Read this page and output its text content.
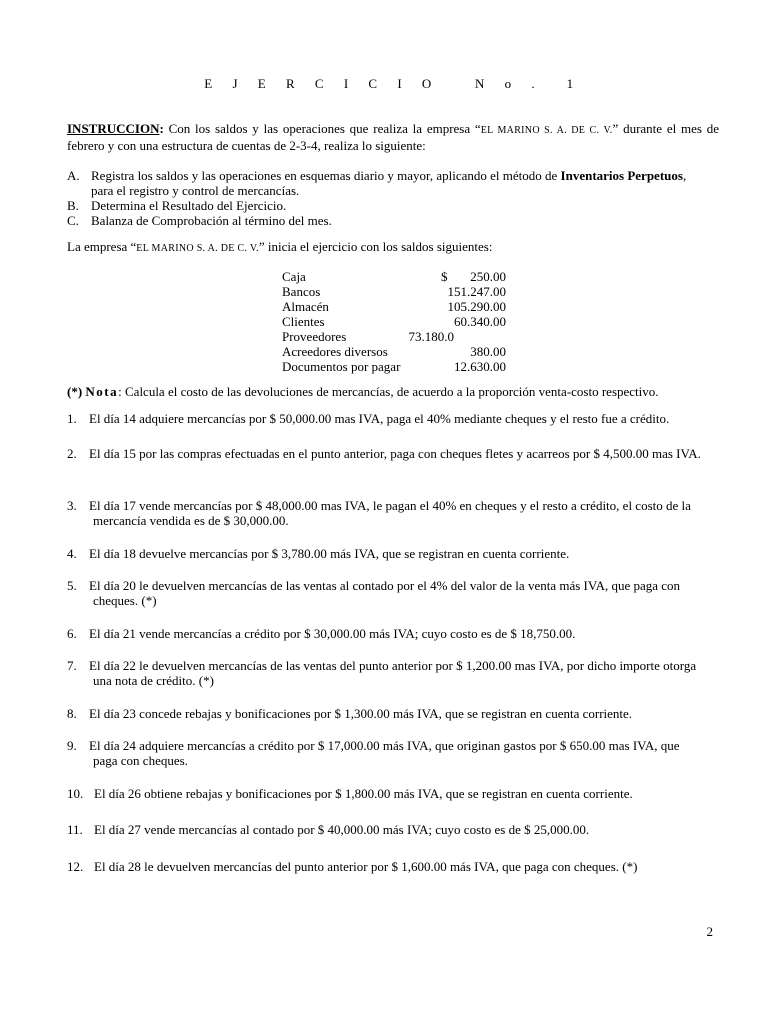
E J E R C I C I O   N o .  1
INSTRUCCION: Con los saldos y las operaciones que realiza la empresa “EL MARINO S. A. DE C. V.” durante el mes de febrero y con una estructura de cuentas de 2-3-4, realiza lo siguiente:
A. Registra los saldos y las operaciones en esquemas diario y mayor, aplicando el método de Inventarios Perpetuos,
para el registro y control de mercancías.
B. Determina el Resultado del Ejercicio.
C. Balanza de Comprobación al término del mes.
La empresa “EL MARINO S. A. DE C. V.” inicia el ejercicio con los saldos siguientes:
Caja	$       250.00
Bancos	151.247.00
Almacén	105.290.00
Clientes	60.340.00
Proveedores	73.180.0
Acreedores diversos	380.00
Documentos por pagar	12.630.00
(*) Nota: Calcula el costo de las devoluciones de mercancías, de acuerdo a la proporción venta-costo respectivo.
1. El día 14 adquiere mercancías por $ 50,000.00 mas IVA, paga el 40% mediante cheques y el resto fue a crédito.
2. El día 15 por las compras efectuadas en el punto anterior, paga con cheques fletes y acarreos por $ 4,500.00 mas IVA.
3. El día 17 vende mercancías por $ 48,000.00 mas IVA, le pagan el 40% en cheques y el resto a crédito, el costo de la
mercancía vendida es de $ 30,000.00.
4. El día 18 devuelve mercancías por $ 3,780.00 más IVA, que se registran en cuenta corriente.
5. El día 20 le devuelven mercancías de las ventas al contado por el 4% del valor de la venta más IVA, que paga con
cheques. (*)
6. El día 21 vende mercancías a crédito por $ 30,000.00 más IVA; cuyo costo es de $ 18,750.00.
7. El día 22 le devuelven mercancías de las ventas del punto anterior por $ 1,200.00 mas IVA, por dicho importe otorga
una nota de crédito. (*)
8. El día 23 concede rebajas y bonificaciones por $ 1,300.00 más IVA, que se registran en cuenta corriente.
9. El día 24 adquiere mercancías a crédito por $ 17,000.00 más IVA, que originan gastos por $ 650.00 mas IVA, que
paga con cheques.
10. El día 26 obtiene rebajas y bonificaciones por $ 1,800.00 más IVA, que se registran en cuenta corriente.
11. El día 27 vende mercancías al contado por $ 40,000.00 más IVA; cuyo costo es de $ 25,000.00.
12. El día 28 le devuelven mercancías del punto anterior por $ 1,600.00 más IVA, que paga con cheques. (*)
2
